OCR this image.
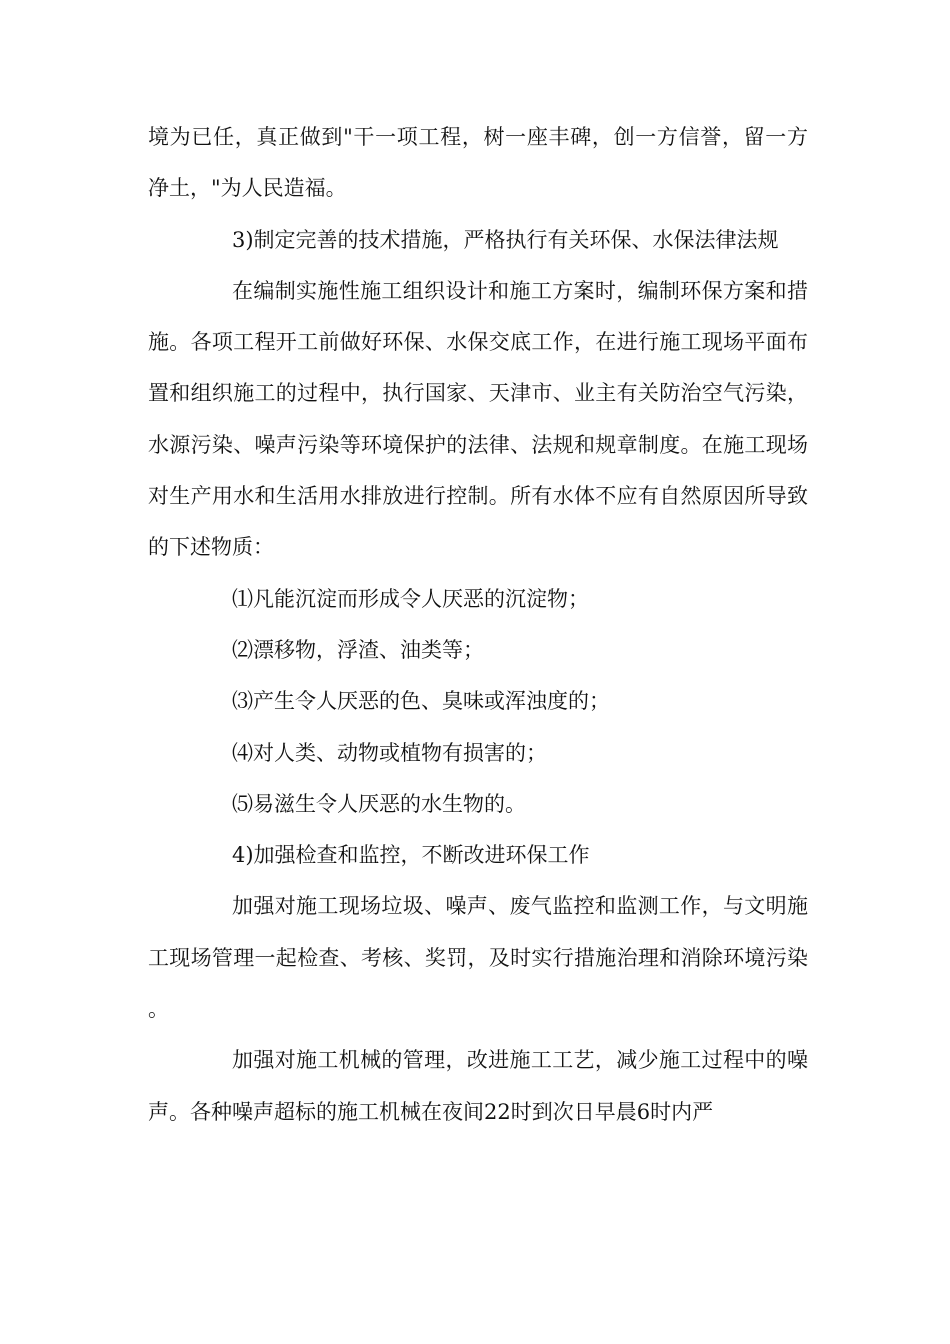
境为已任，真正做到"干一项工程，树一座丰碑，创一方信誉，留一方净土，"为人民造福。

3)制定完善的技术措施，严格执行有关环保、水保法律法规

在编制实施性施工组织设计和施工方案时，编制环保方案和措施。各项工程开工前做好环保、水保交底工作，在进行施工现场平面布置和组织施工的过程中，执行国家、天津市、业主有关防治空气污染，水源污染、噪声污染等环境保护的法律、法规和规章制度。在施工现场对生产用水和生活用水排放进行控制。所有水体不应有自然原因所导致的下述物质：

⑴凡能沉淀而形成令人厌恶的沉淀物；

⑵漂移物，浮渣、油类等；

⑶产生令人厌恶的色、臭味或浑浊度的；

⑷对人类、动物或植物有损害的；

⑸易滋生令人厌恶的水生物的。

4)加强检查和监控，不断改进环保工作

加强对施工现场垃圾、噪声、废气监控和监测工作，与文明施工现场管理一起检查、考核、奖罚，及时实行措施治理和消除环境污染。

加强对施工机械的管理，改进施工工艺，减少施工过程中的噪声。各种噪声超标的施工机械在夜间22时到次日早晨6时内严
